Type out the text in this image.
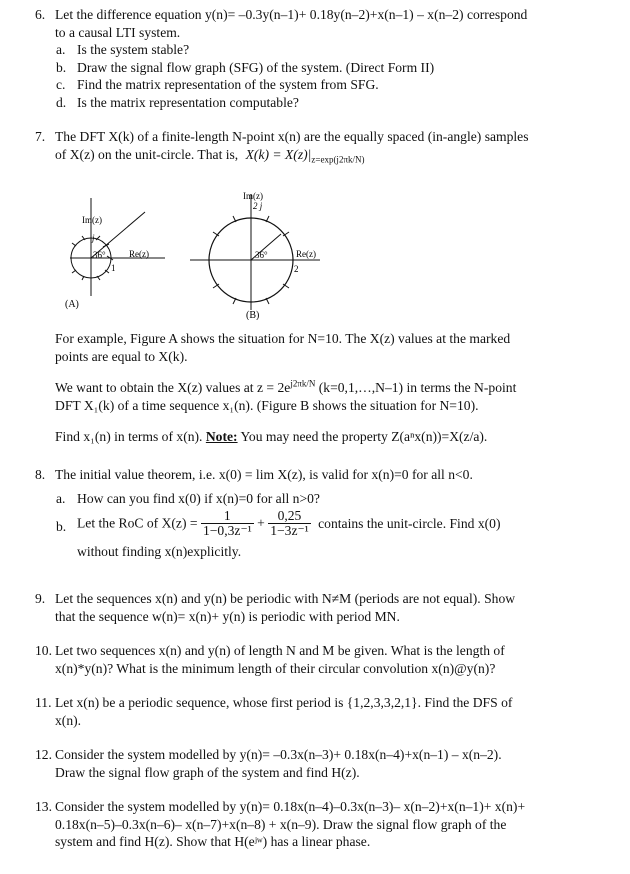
6. Let the difference equation y(n)= –0.3y(n–1)+ 0.18y(n–2)+x(n–1) – x(n–2) correspond
to a causal LTI system.
a. Is the system stable?
b. Draw the signal flow graph (SFG) of the system. (Direct Form II)
c. Find the matrix representation of the system from SFG.
d. Is the matrix representation computable?
7. The DFT X(k) of a finite-length N-point x(n) are the equally spaced (in-angle) samples
of X(z) on the unit-circle. That is, $X(k) = X(z)|_{z=exp(j2\pi k/N)}$
Im(z)
Re(z)
j
1
36°
(A)
Im(z)
Re(z)
2 j
2
36°
(B)
For example, Figure A shows the situation for N=10. The X(z) values at the marked
points are equal to X(k).
We want to obtain the X(z) values at $z = 2e^{j2\pi k/N}$ (k=0,1,…,N–1) in terms the N-point
DFT X₁(k) of a time sequence x₁(n). (Figure B shows the situation for N=10).
Find x₁(n) in terms of x(n). Note: You may need the property Z(aⁿx(n))=X(z/a).
8. The initial value theorem, i.e. x(0) = lim X(z), is valid for x(n)=0 for all n<0.
a. How can you find x(0) if x(n)=0 for all n>0?
b. Let the RoC of $X(z) = \frac{1}{\text{1−0,3z⁻¹}} + \frac{0,25}{\text{1−3z⁻¹}}$ contains the unit-circle. Find x(0)
without finding x(n)explicitly.
9. Let the sequences x(n) and y(n) be periodic with N≠M (periods are not equal). Show
that the sequence w(n)= x(n)+ y(n) is periodic with period MN.
10. Let two sequences x(n) and y(n) of length N and M be given. What is the length of
x(n)*y(n)? What is the minimum length of their circular convolution x(n)@y(n)?
11. Let x(n) be a periodic sequence, whose first period is {1,2,3,3,2,1}. Find the DFS of
x(n).
12. Consider the system modelled by y(n)= –0.3x(n–3)+ 0.18x(n–4)+x(n–1) – x(n–2).
Draw the signal flow graph of the system and find H(z).
13. Consider the system modelled by y(n)= 0.18x(n–4)–0.3x(n–3)– x(n–2)+x(n–1)+ x(n)+
0.18x(n–5)–0.3x(n–6)– x(n–7)+x(n–8) + x(n–9). Draw the signal flow graph of the
system and find H(z). Show that H(eʲʷ) has a linear phase.
